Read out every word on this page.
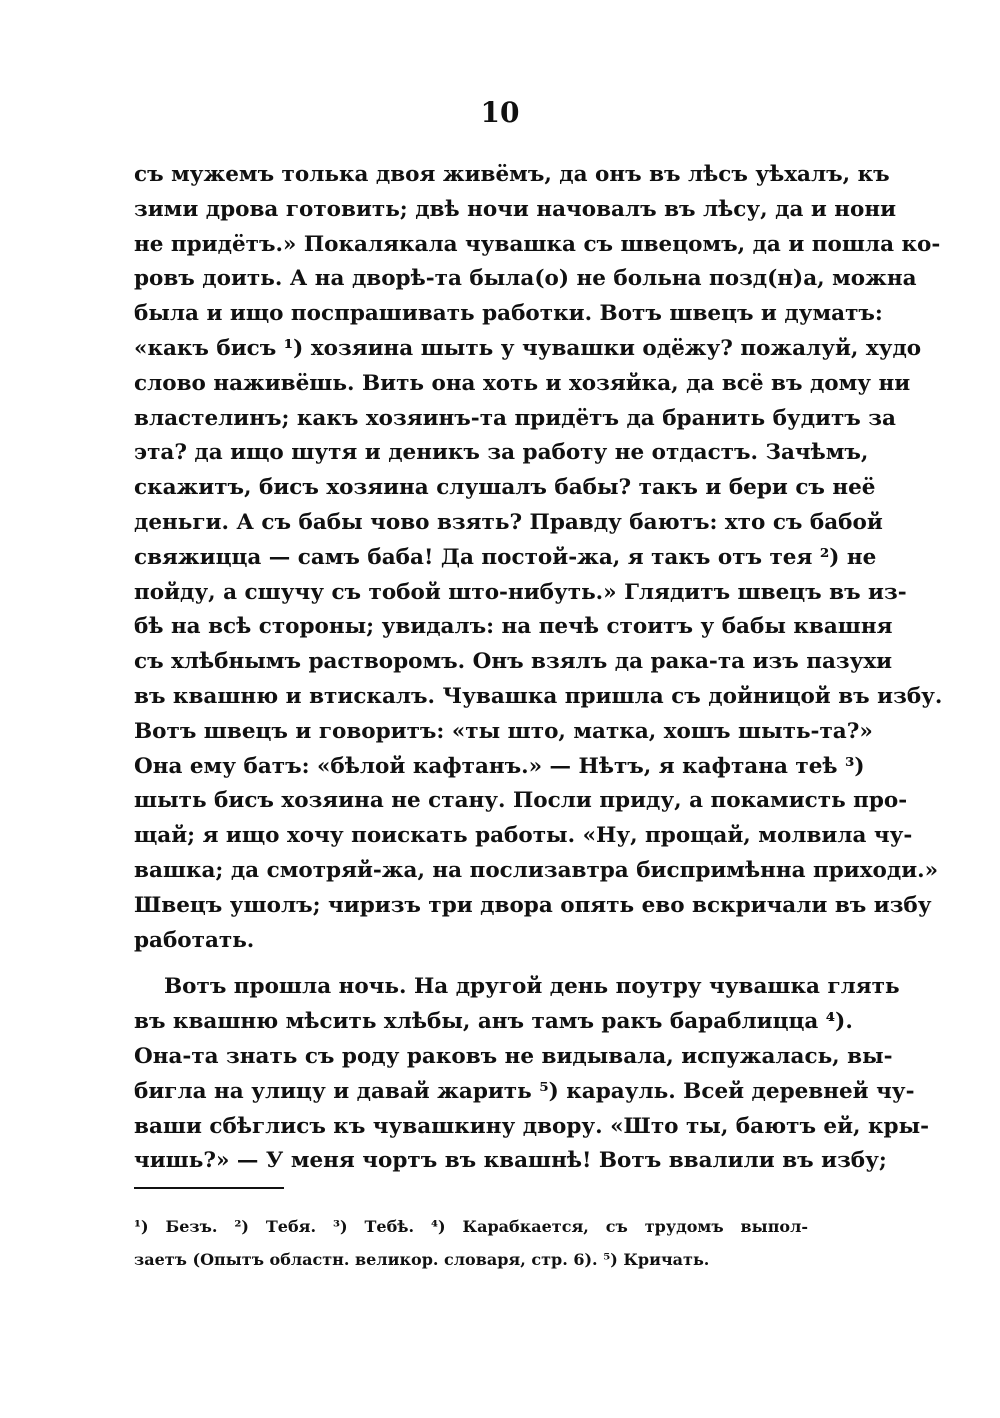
10
съ мужемъ толька двоя живёмъ, да онъ въ лѣсъ уѣхалъ, къ
зими дрова готовить; двѣ ночи начовалъ въ лѣсу, да и нони
не придётъ.» Покалякала чувашка съ швецомъ, да и пошла ко-
ровъ доить. А на дворѣ-та была(о) не больна позд(н)а, можна
была и ищо поспрашивать работки. Вотъ швецъ и думатъ:
«какъ бисъ ¹) хозяина шыть у чувашки одёжу? пожалуй, худо
слово наживёшь. Вить она хоть и хозяйка, да всё въ дому ни
властелинъ; какъ хозяинъ-та придётъ да бранить будитъ за
эта? да ищо шутя и деникъ за работу не отдастъ. Зачѣмъ,
скажитъ, бисъ хозяина слушалъ бабы? такъ и бери съ неё
деньги. А съ бабы чово взять? Правду баютъ: хто съ бабой
свяжицца — самъ баба! Да постой-жа, я такъ отъ тея ²) не
пойду, а сшучу съ тобой што-нибуть.» Глядитъ швецъ въ из-
бѣ на всѣ стороны; увидалъ: на печѣ стоитъ у бабы квашня
съ хлѣбнымъ растворомъ. Онъ взялъ да рака-та изъ пазухи
въ квашню и втискалъ. Чувашка пришла съ дойницой въ избу.
Вотъ швецъ и говоритъ: «ты што, матка, хошъ шыть-та?»
Она ему батъ: «бѣлой кафтанъ.» — Нѣтъ, я кафтана теѣ ³)
шыть бисъ хозяина не стану. Посли приду, а покамисть про-
щай; я ищо хочу поискать работы. «Ну, прощай, молвила чу-
вашка; да смотряй-жа, на послизавтра биспримѣнна приходи.»
Швецъ ушолъ; чиризъ три двора опять ево вскричали въ избу
работать.
Вотъ прошла ночь. На другой день поутру чувашка глять
въ квашню мѣсить хлѣбы, анъ тамъ ракъ бараблицца ⁴).
Она-та знать съ роду раковъ не видывала, испужалась, вы-
бигла на улицу и давай жарить ⁵) карауль. Всей деревней чу-
ваши сбѣглисъ къ чувашкину двору. «Што ты, баютъ ей, кры-
чишь?» — У меня чортъ въ квашнѣ! Вотъ ввалили въ избу;
¹) Безъ. ²) Тебя. ³) Тебѣ. ⁴) Карабкается, съ трудомъ выпол-
заетъ (Опытъ областн. великор. словаря, стр. 6). ⁵) Кричать.
